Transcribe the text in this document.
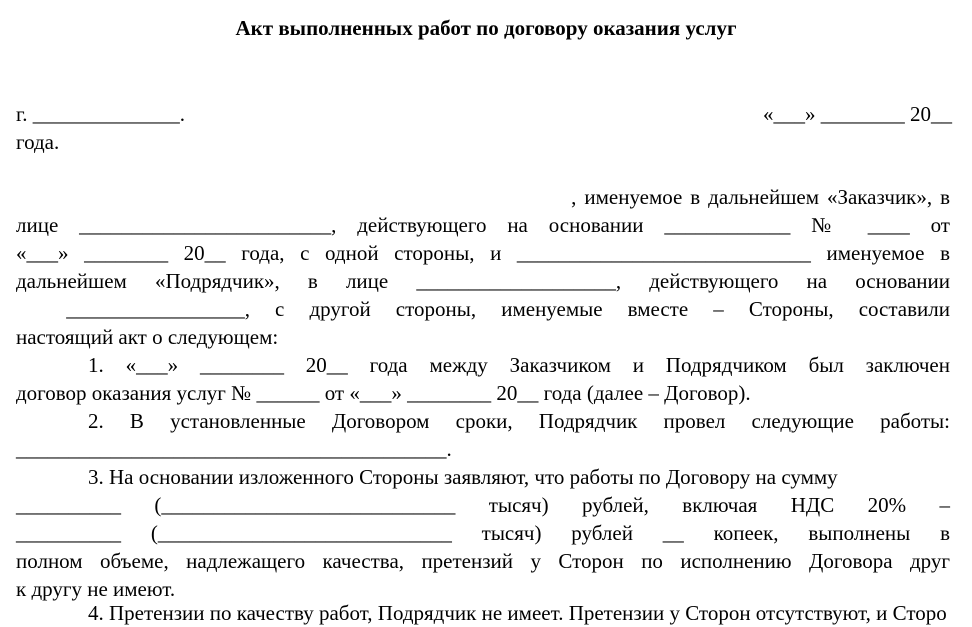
Акт выполненных работ по договору оказания услуг

г. ______________.	«___» ________ 20__

года.

, именуемое в дальнейшем «Заказчик», в

лице ________________________, действующего на основании ____________ № ____ от

«___» ________ 20__ года, с одной стороны, и ____________________________ именуемое в

дальнейшем «Подрядчик», в лице ___________________, действующего на основании

_________________, с другой стороны, именуемые вместе – Стороны, составили

настоящий акт о следующем:

1. «___» ________ 20__ года между Заказчиком и Подрядчиком был заключен

договор оказания услуг № ______ от «___» ________ 20__ года (далее – Договор).

2. В установленные Договором сроки, Подрядчик провел следующие работы:

_________________________________________.

3. На основании изложенного Стороны заявляют, что работы по Договору на сумму

__________ (____________________________ тысяч) рублей, включая НДС 20% –

__________ (____________________________ тысяч) рублей __ копеек, выполнены в

полном объеме, надлежащего качества, претензий у Сторон по исполнению Договора друг

к другу не имеют.

4. Претензии по качеству работ, Подрядчик не имеет. Претензии у Сторон отсутствуют, и Сторо
